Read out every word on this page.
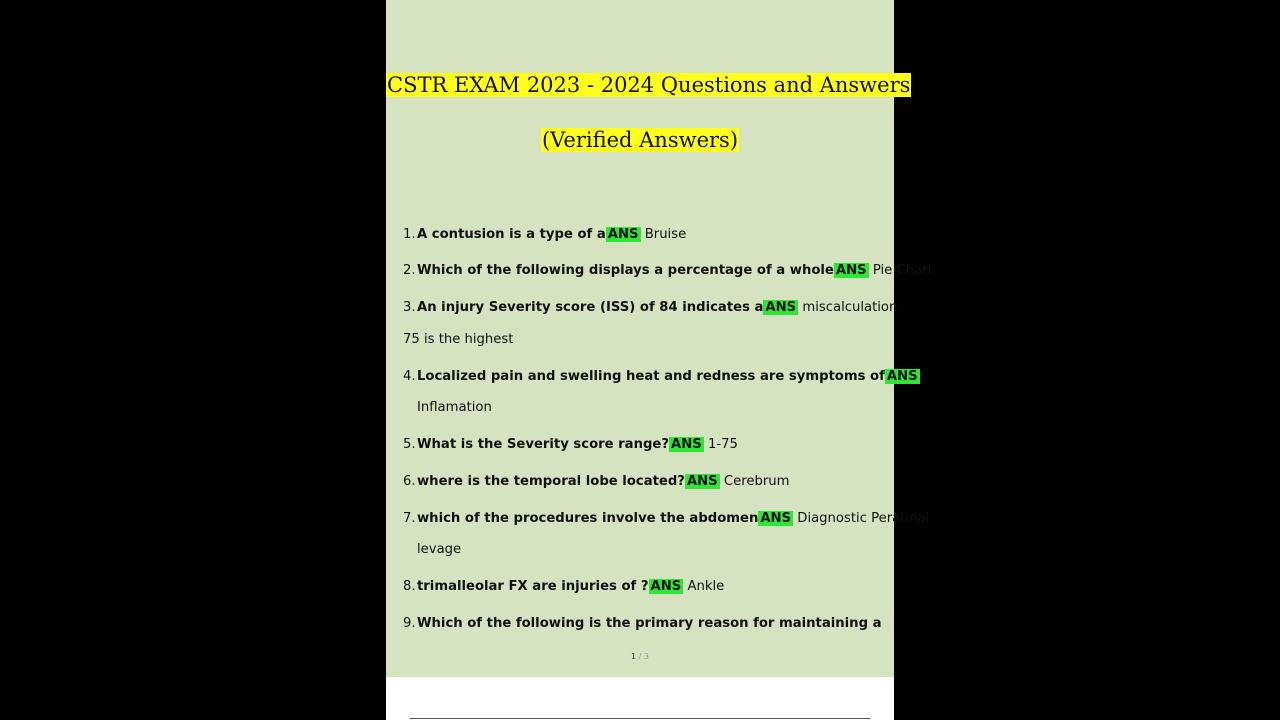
CSTR EXAM 2023 - 2024 Questions and Answers
(Verified Answers)
1.A contusion is a type of a ANS Bruise
2.Which of the following displays a percentage of a whole ANS Pie Chart
3.An injury Severity score (ISS) of 84 indicates a ANS miscalculation.
75 is the highest
4.Localized pain and swelling heat and redness are symptoms of ANS
Inflamation
5.What is the Severity score range? ANS 1-75
6.where is the temporal lobe located? ANS Cerebrum
7.which of the procedures involve the abdomen ANS Diagnostic Peratinal
levage
8.trimalleolar FX are injuries of ? ANS Ankle
9.Which of the following is the primary reason for maintaining a
1 / 3
